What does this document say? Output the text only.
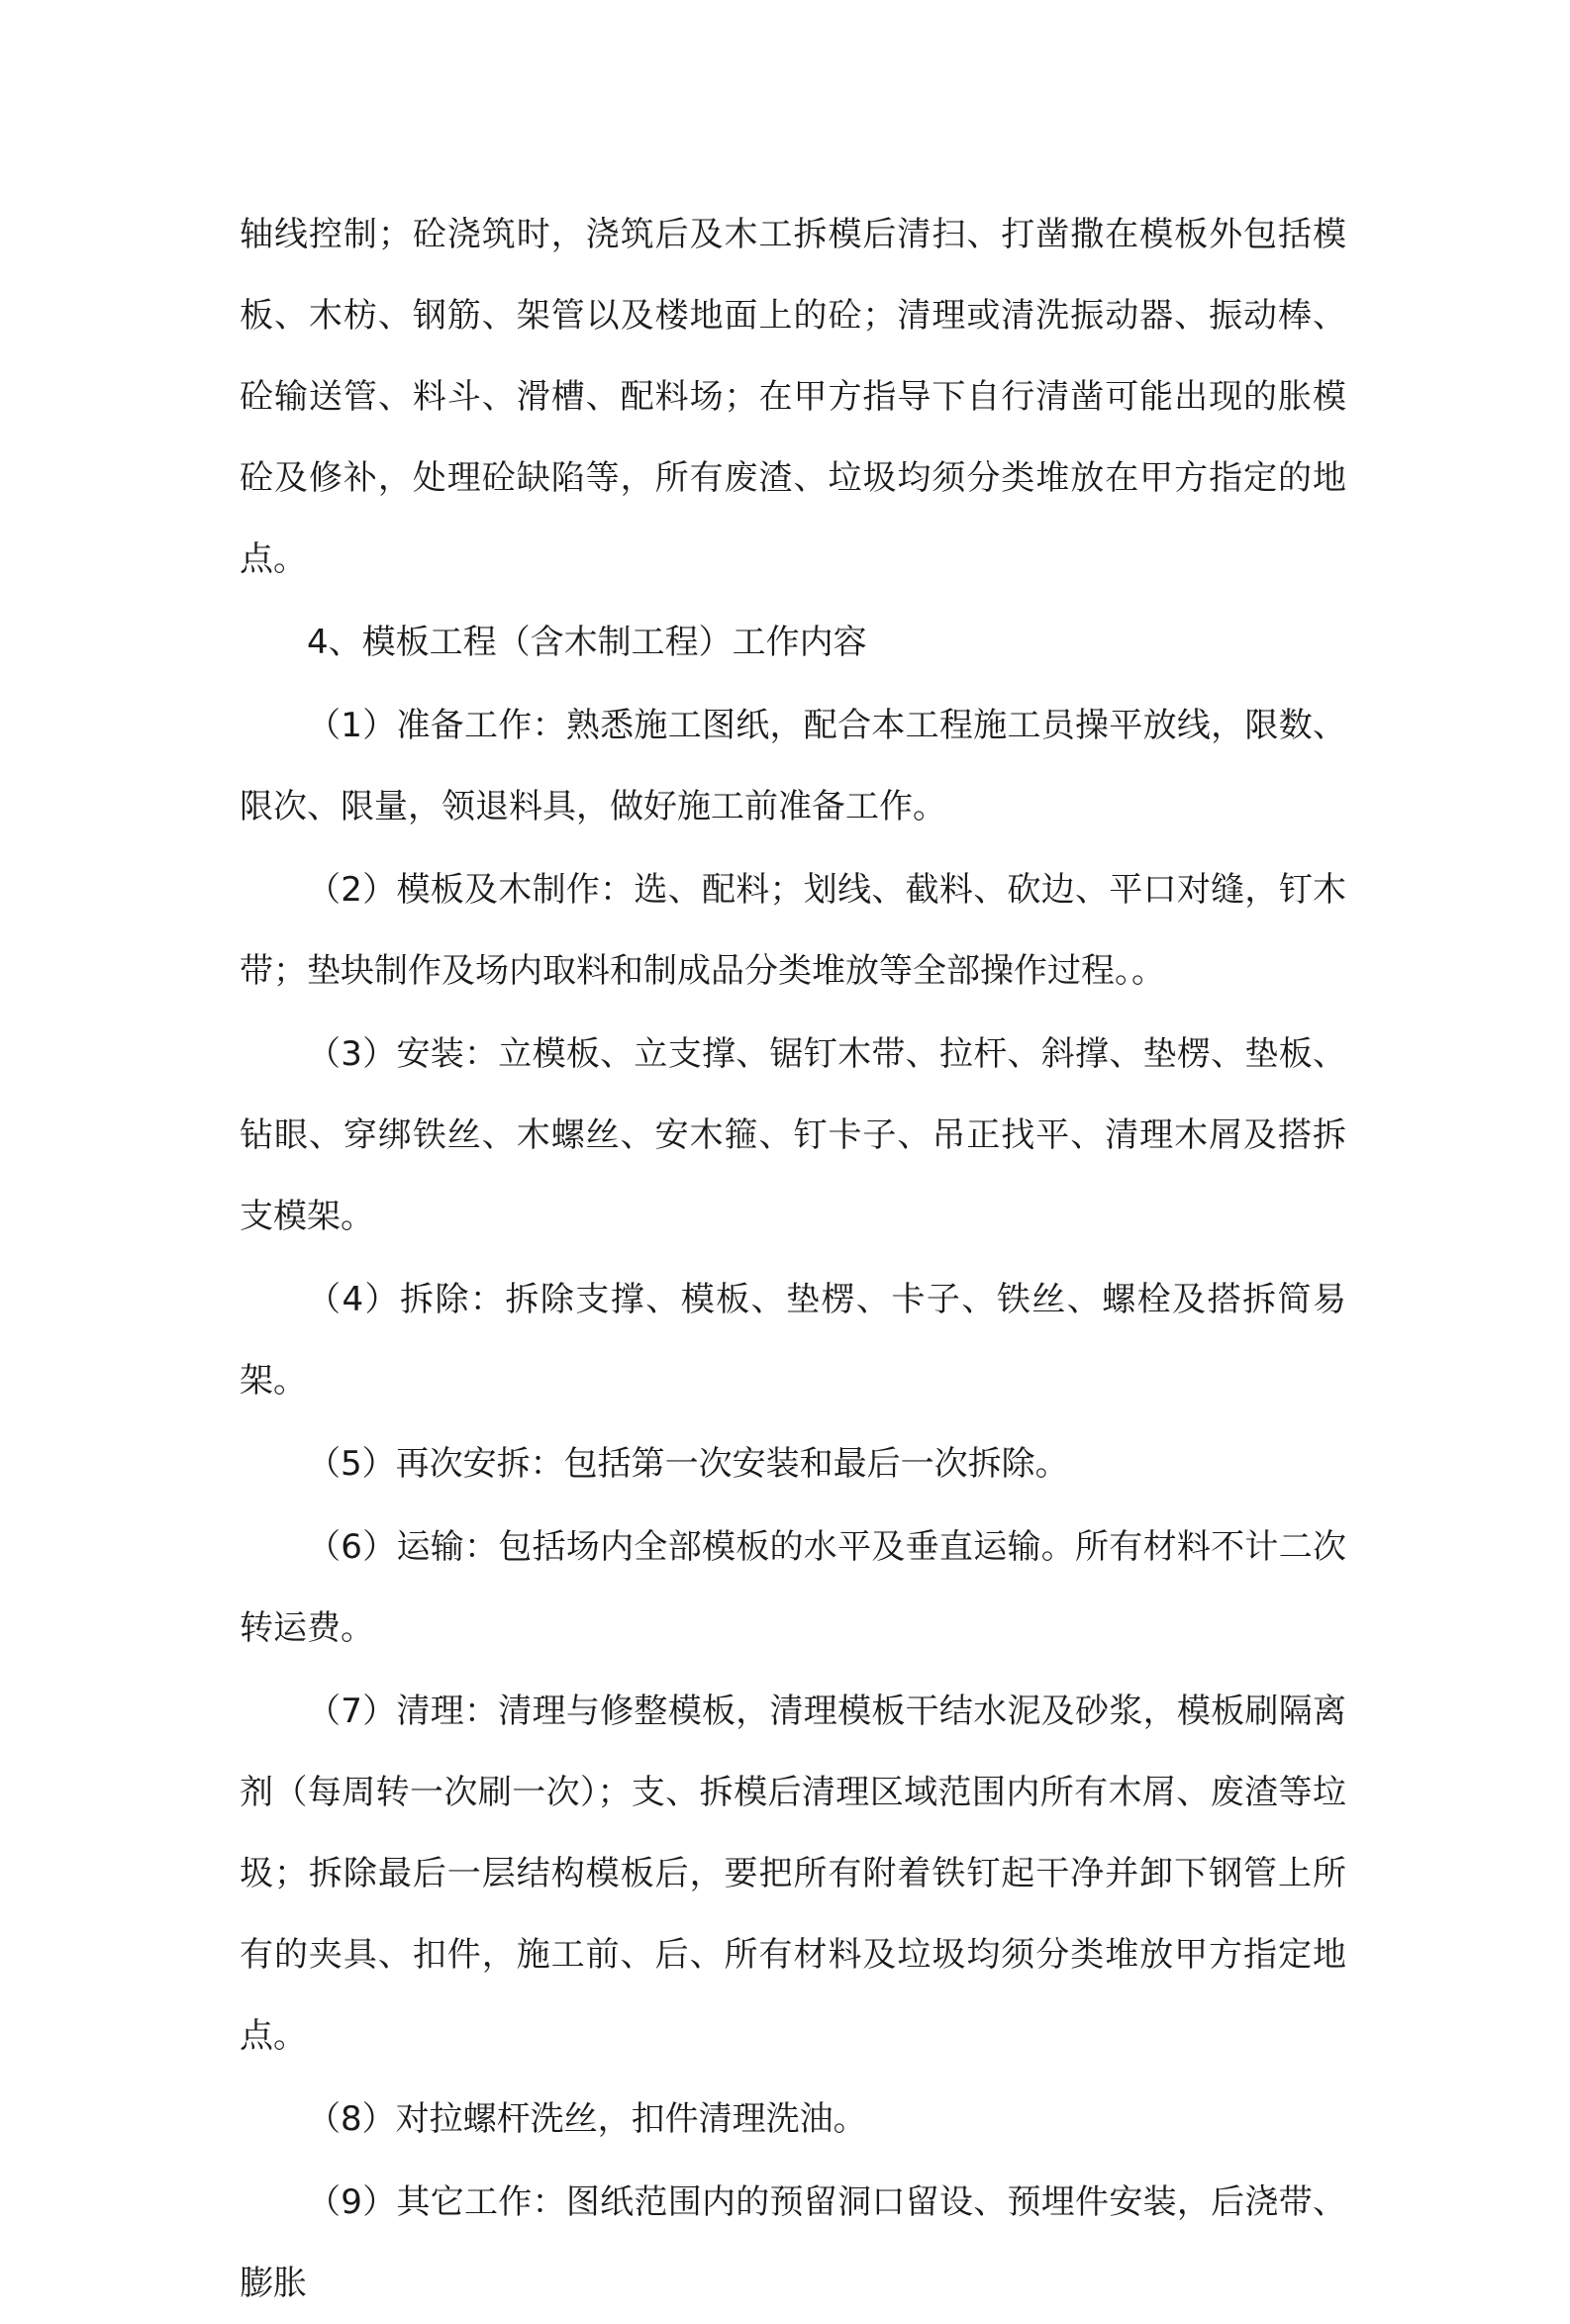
轴线控制；砼浇筑时，浇筑后及木工拆模后清扫、打凿撒在模板外包括模板、木枋、钢筋、架管以及楼地面上的砼；清理或清洗振动器、振动棒、砼输送管、料斗、滑槽、配料场；在甲方指导下自行清凿可能出现的胀模砼及修补，处理砼缺陷等，所有废渣、垃圾均须分类堆放在甲方指定的地点。

4、模板工程（含木制工程）工作内容

（1）准备工作：熟悉施工图纸，配合本工程施工员操平放线，限数、限次、限量，领退料具，做好施工前准备工作。

（2）模板及木制作：选、配料；划线、截料、砍边、平口对缝，钉木带；垫块制作及场内取料和制成品分类堆放等全部操作过程。。

（3）安装：立模板、立支撑、锯钉木带、拉杆、斜撑、垫楞、垫板、钻眼、穿绑铁丝、木螺丝、安木箍、钉卡子、吊正找平、清理木屑及搭拆支模架。

（4）拆除：拆除支撑、模板、垫楞、卡子、铁丝、螺栓及搭拆简易架。

（5）再次安拆：包括第一次安装和最后一次拆除。

（6）运输：包括场内全部模板的水平及垂直运输。所有材料不计二次转运费。

（7）清理：清理与修整模板，清理模板干结水泥及砂浆，模板刷隔离剂（每周转一次刷一次）；支、拆模后清理区域范围内所有木屑、废渣等垃圾；拆除最后一层结构模板后，要把所有附着铁钉起干净并卸下钢管上所有的夹具、扣件，施工前、后、所有材料及垃圾均须分类堆放甲方指定地点。

（8）对拉螺杆洗丝，扣件清理洗油。

（9）其它工作：图纸范围内的预留洞口留设、预埋件安装，后浇带、膨胀
